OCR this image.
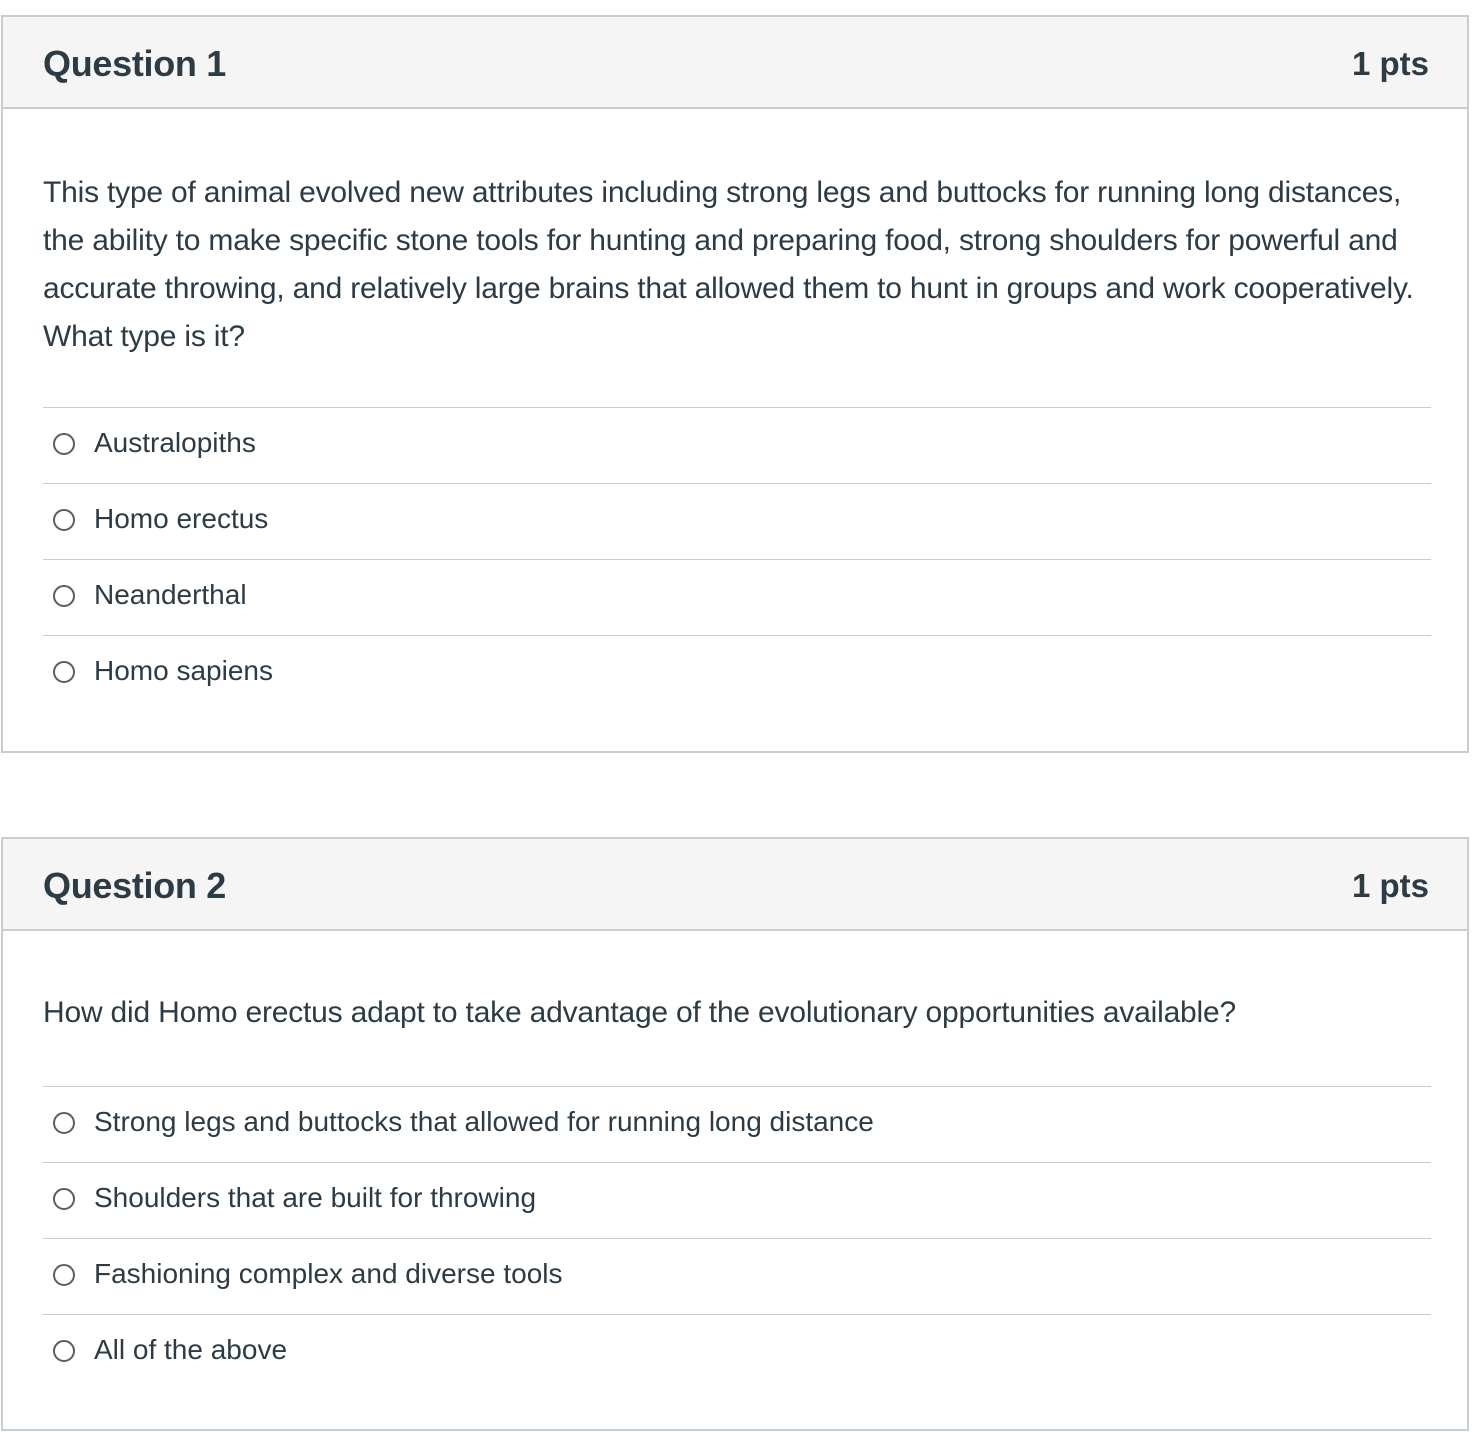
Question 1	1 pts
This type of animal evolved new attributes including strong legs and buttocks for running long distances, the ability to make specific stone tools for hunting and preparing food, strong shoulders for powerful and accurate throwing, and relatively large brains that allowed them to hunt in groups and work cooperatively. What type is it?
Australopiths
Homo erectus
Neanderthal
Homo sapiens
Question 2	1 pts
How did Homo erectus adapt to take advantage of the evolutionary opportunities available?
Strong legs and buttocks that allowed for running long distance
Shoulders that are built for throwing
Fashioning complex and diverse tools
All of the above
